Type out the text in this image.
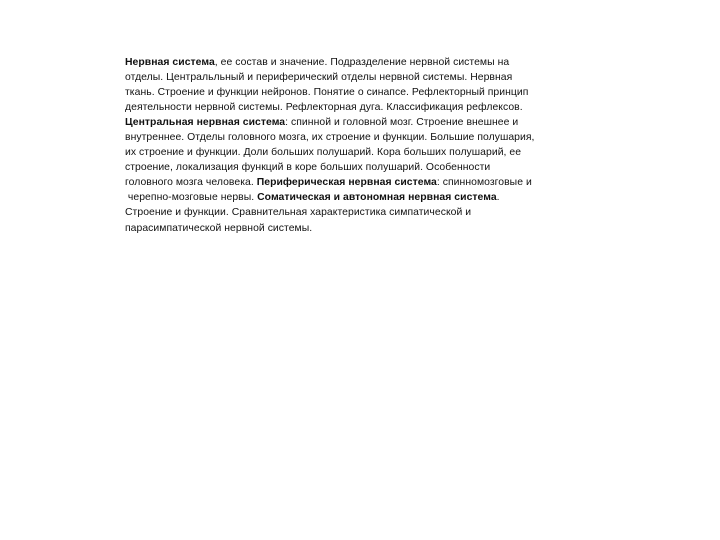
Нервная система, ее состав и значение. Подразделение нервной системы на
отделы. Центральльный и периферический отделы нервной системы. Нервная
ткань. Строение и функции нейронов. Понятие о синапсе. Рефлекторный принцип
деятельности нервной системы. Рефлекторная дуга. Классификация рефлексов.
Центральная нервная система: спинной и головной мозг. Строение внешнее и
внутреннее. Отделы головного мозга, их строение и функции. Большие полушария,
их строение и функции. Доли больших полушарий. Кора больших полушарий, ее
строение, локализация функций в коре больших полушарий. Особенности
головного мозга человека. Периферическая нервная система: спинномозговые и
черепно-мозговые нервы. Соматическая и автономная нервная система.
Строение и функции. Сравнительная характеристика симпатической и
парасимпатической нервной системы.
